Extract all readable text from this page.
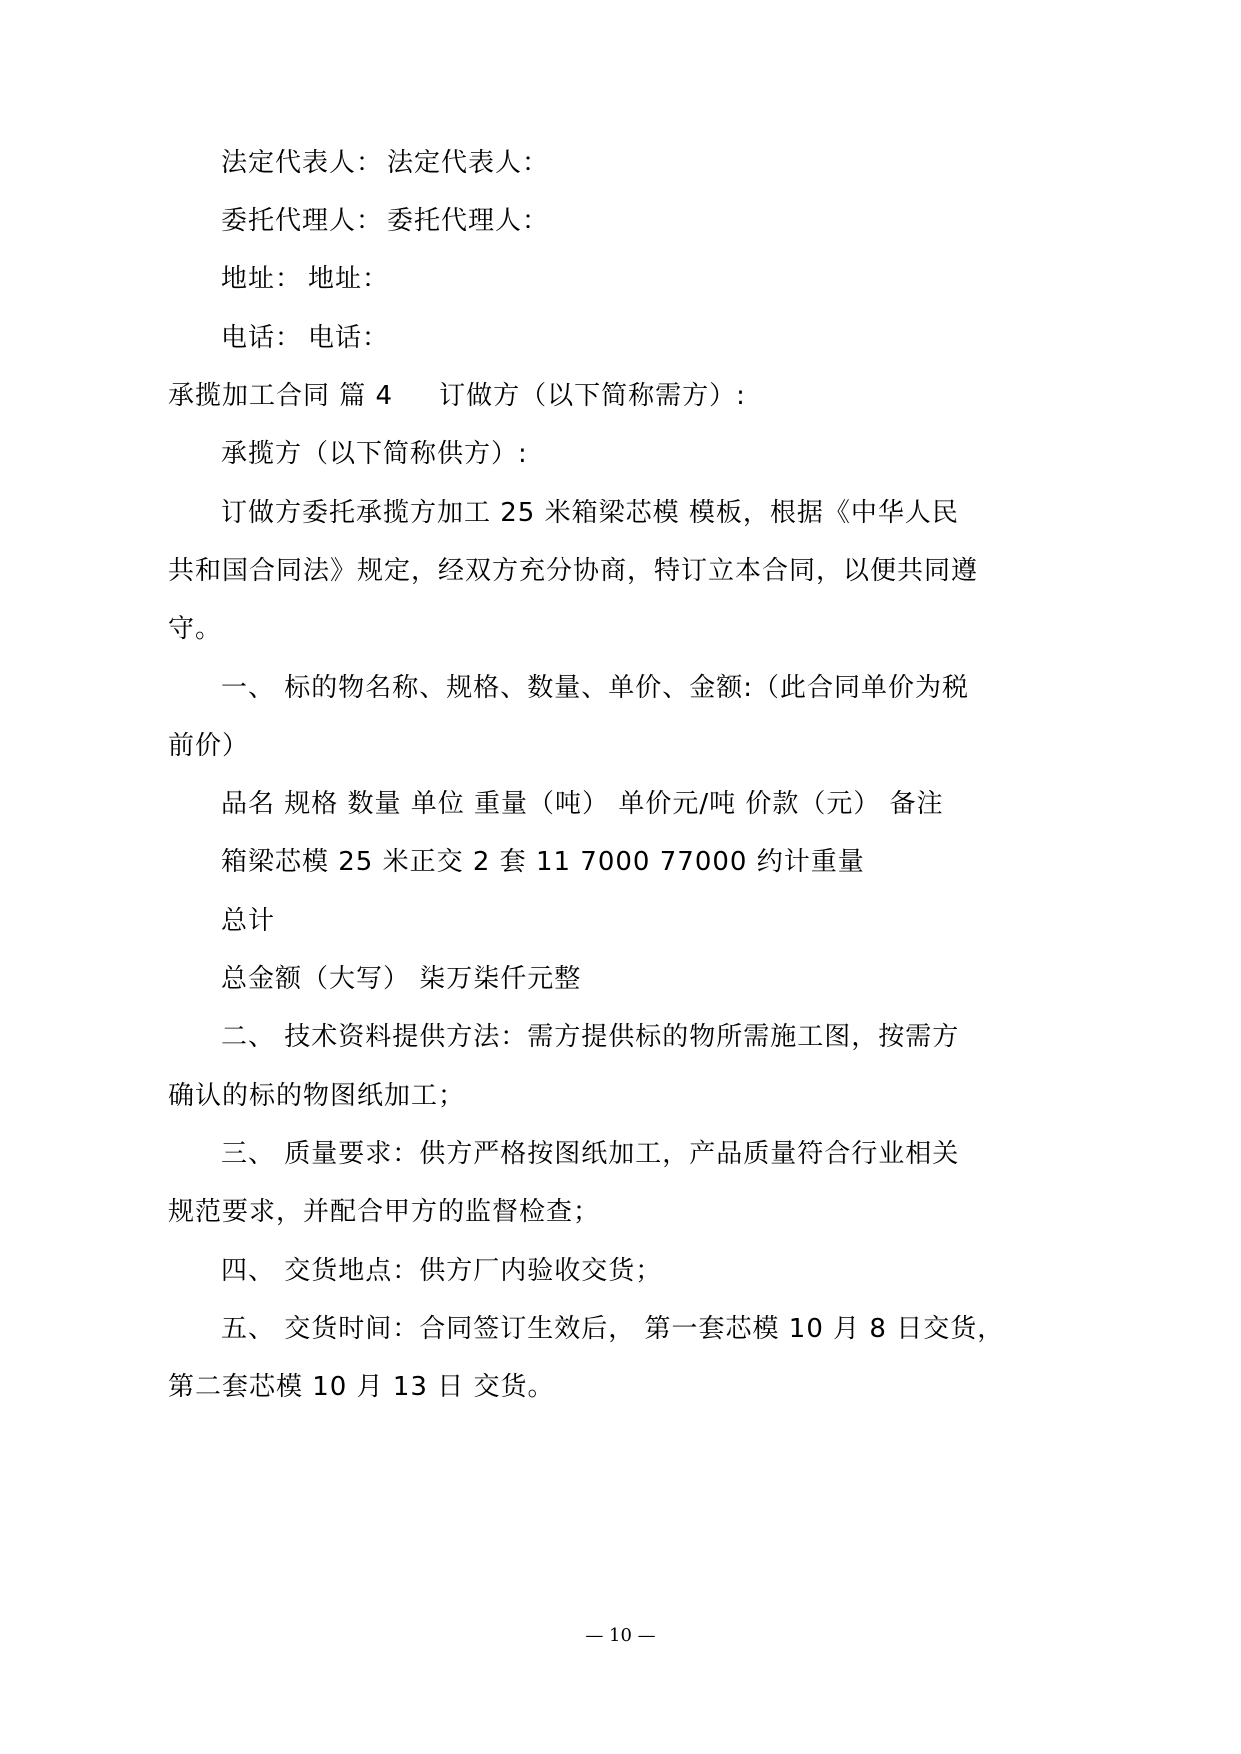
法定代表人： 法定代表人：
委托代理人： 委托代理人：
地址： 地址：
电话： 电话：
承揽加工合同 篇 4 订做方（以下简称需方）:
承揽方（以下简称供方）:
订做方委托承揽方加工 25 米箱梁芯模 模板，根据《中华人民
共和国合同法》规定，经双方充分协商，特订立本合同，以便共同遵
守。
一、 标的物名称、规格、数量、单价、金额:（此合同单价为税
前价）
品名 规格 数量 单位 重量（吨） 单价元/吨 价款（元） 备注
箱梁芯模 25 米正交 2 套 11 7000 77000 约计重量
总计
总金额（大写） 柒万柒仟元整
二、 技术资料提供方法：需方提供标的物所需施工图，按需方
确认的标的物图纸加工；
三、 质量要求：供方严格按图纸加工，产品质量符合行业相关
规范要求，并配合甲方的监督检查；
四、 交货地点：供方厂内验收交货；
五、 交货时间：合同签订生效后， 第一套芯模 10 月 8 日交货，
第二套芯模 10 月 13 日 交货。
— 10 —
